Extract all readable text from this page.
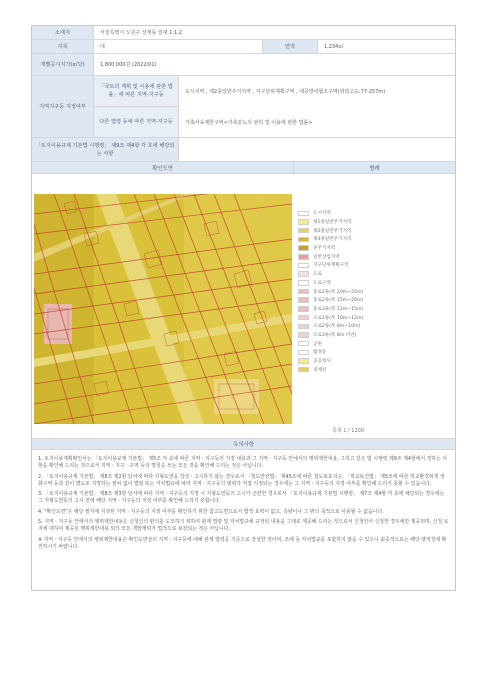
소재지	서울특별시 노원구 상계동 일대 1:1,2
지목	대	면적	1,234㎡
개별공시지가(㎡당)	1,800,000원 (2022/01)
지역지구등 지정여부
「국토의 계획 및 이용에 관한 법률」에 따른 지역·지구등	도시지역 , 제2종일반주거지역 , 지구단위계획구역 , 대공방어협조구역(위탁고도:77-257m)
다른 법령 등에 따른 지역·지구등	가축사육제한구역<가축분뇨의 관리 및 이용에 관한 법률>
「토지이용규제 기본법 시행령」 제9조 제4항 각 호에 해당되는 사항
확인도면	범례
도시지역
제1종일반주거지역
제2종일반주거지역
제3종일반주거지역
준주거지역
일반상업지역
지구단위계획구역
도로
도로구역
중로1류(폭 20m~25m)
중로2류(폭 15m~20m)
중로3류(폭 12m~15m)
소로1류(폭 10m~12m)
소로2류(폭 8m~10m)
소로3류(폭 8m 미만)
공원
법정동
공공청사
경계선
축척 1 / 1200
유의사항

1. 토지이용계획확인서는 「토지이용규제 기본법」 제5조 각 호에 따른 지역ㆍ지구등의 지정 내용과 그 지역ㆍ지구등 안에서의 행위제한내용, 그리고 같은 법 시행령 제9조 제4항에서 정하는 사항을 확인해 드리는 것으로서 지역ㆍ지구ㆍ구역 등의 명칭을 쓰는 모든 것을 확인해 드리는 것은 아닙니다.

2. 「토지이용규제 기본법」 제8조 제2항 단서에 따라 지형도면을 작성ㆍ고시하지 않는 경우로서 「철도안전법」 제45조에 따른 철도보호지구, 「학교보건법」 제5조에 따른 학교환경위생 정화구역 등과 같이 별도로 지정하는 절차 없이 법령 또는 자치법규에 따라 지역ㆍ지구등의 범위가 직접 지정되는 경우에는 그 지역ㆍ지구등의 지정 여부를 확인해 드리지 못할 수 있습니다.

3. 「토지이용규제 기본법」 제8조 제3항 단서에 따라 지역ㆍ지구등의 지정 시 지형도면등의 고시가 곤란한 경우로서 「토지이용규제 기본법 시행령」 제7조 제4항 각 호에 해당되는 경우에는 그 지형도면등의 고시 전에 해당 지역ㆍ지구등의 지정 여부를 확인해 드리지 못합니다.

4. "확인도면"은 해당 필지에 지정된 지역ㆍ지구등의 지정 여부를 확인하기 위한 참고도면으로서 법적 효력이 없고, 측량이나 그 밖의 목적으로 사용할 수 없습니다.

5. 지역ㆍ지구등 안에서의 행위제한내용은 신청인의 편의를 도모하기 위하여 관계 법령 및 자치법규에 규정된 내용을 그대로 제공해 드리는 것으로서 신청인이 신청한 경우에만 제공되며, 신청 토지에 대하여 제공된 행위제한내용 외의 모든 개발행위가 법적으로 보장되는 것은 아닙니다.

※ 지역ㆍ지구등 안에서의 행위제한내용은 확인도면상의 지역ㆍ지구등에 대해 관계 법령을 기준으로 작성한 것이며, 조례 등 자치법규를 포함하지 않을 수 있으니 최종적으로는 해당 행정청에 확인하시기 바랍니다.
